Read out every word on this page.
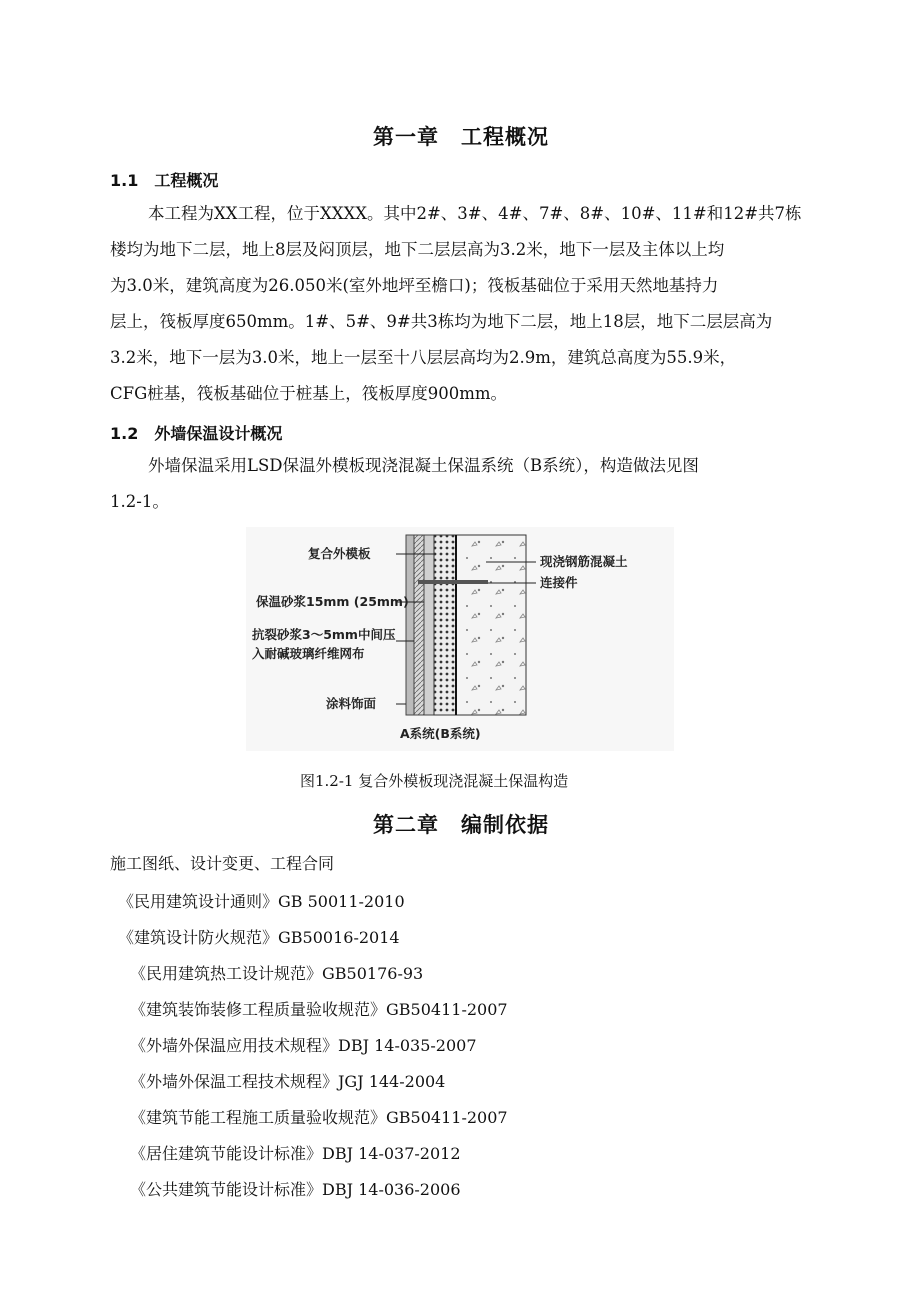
第一章　工程概况
1.1　工程概况
本工程为XX工程，位于XXXX。其中2#、3#、4#、7#、8#、10#、11#和12#共7栋
楼均为地下二层，地上8层及闷顶层，地下二层层高为3.2米，地下一层及主体以上均
为3.0米，建筑高度为26.050米(室外地坪至檐口)；筏板基础位于采用天然地基持力
层上，筏板厚度650mm。1#、5#、9#共3栋均为地下二层，地上18层，地下二层层高为
3.2米，地下一层为3.0米，地上一层至十八层层高均为2.9m，建筑总高度为55.9米，
CFG桩基，筏板基础位于桩基上，筏板厚度900mm。
1.2　外墙保温设计概况
外墙保温采用LSD保温外模板现浇混凝土保温系统（B系统），构造做法见图
1.2-1。
复合外模板
保温砂浆15mm (25mm)
抗裂砂浆3～5mm中间压
入耐碱玻璃纤维网布
涂料饰面
现浇钢筋混凝土
连接件
A系统(B系统)
图1.2-1 复合外模板现浇混凝土保温构造
第二章　编制依据
施工图纸、设计变更、工程合同
《民用建筑设计通则》GB 50011-2010
《建筑设计防火规范》GB50016-2014
《民用建筑热工设计规范》GB50176-93
《建筑装饰装修工程质量验收规范》GB50411-2007
《外墙外保温应用技术规程》DBJ 14-035-2007
《外墙外保温工程技术规程》JGJ 144-2004
《建筑节能工程施工质量验收规范》GB50411-2007
《居住建筑节能设计标准》DBJ 14-037-2012
《公共建筑节能设计标准》DBJ 14-036-2006
